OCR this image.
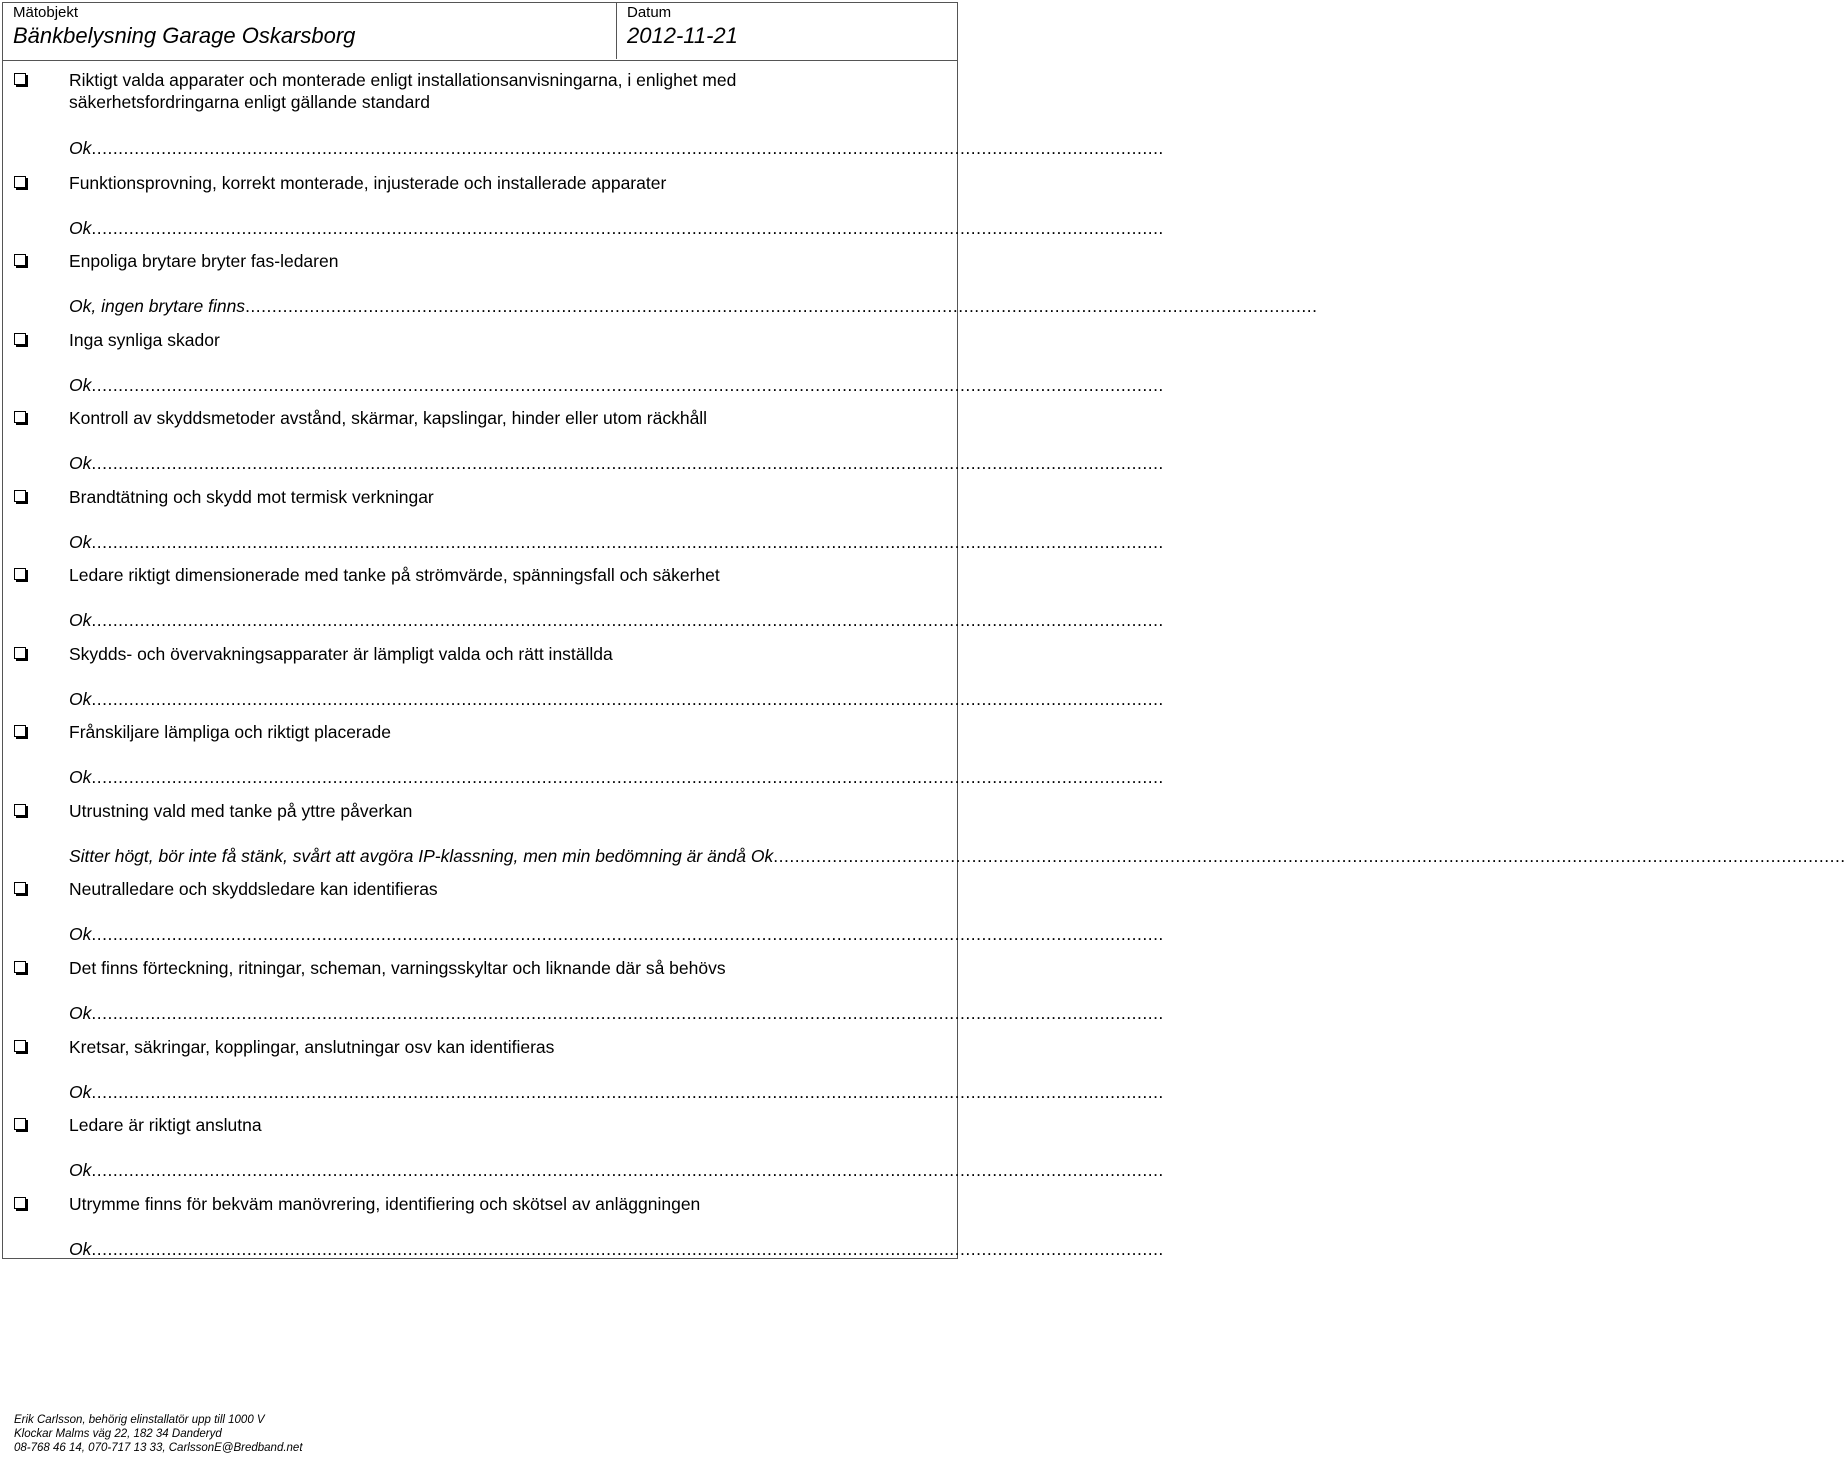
Mätobjekt
Bänkbelysning Garage Oskarsborg
Datum
2012-11-21
Riktigt valda apparater och monterade enligt installationsanvisningarna, i enlighet med säkerhetsfordringarna enligt gällande standard
Ok........................................................................................................................................................................................................
Funktionsprovning, korrekt monterade, injusterade och installerade apparater
Ok........................................................................................................................................................................................................
Enpoliga brytare bryter fas-ledaren
Ok, ingen brytare finns........................................................................................................................................................................................................
Inga synliga skador
Ok........................................................................................................................................................................................................
Kontroll av skyddsmetoder avstånd, skärmar, kapslingar, hinder eller utom räckhåll
Ok........................................................................................................................................................................................................
Brandtätning och skydd mot termisk verkningar
Ok........................................................................................................................................................................................................
Ledare riktigt dimensionerade med tanke på strömvärde, spänningsfall och säkerhet
Ok........................................................................................................................................................................................................
Skydds- och övervakningsapparater är lämpligt valda och rätt inställda
Ok........................................................................................................................................................................................................
Frånskiljare lämpliga och riktigt placerade
Ok........................................................................................................................................................................................................
Utrustning vald med tanke på yttre påverkan
Sitter högt, bör inte få stänk, svårt att avgöra IP-klassning, men min bedömning är ändå Ok........................................................................................................................................................................................................
Neutralledare och skyddsledare kan identifieras
Ok........................................................................................................................................................................................................
Det finns förteckning, ritningar, scheman, varningsskyltar och liknande där så behövs
Ok........................................................................................................................................................................................................
Kretsar, säkringar, kopplingar, anslutningar osv kan identifieras
Ok........................................................................................................................................................................................................
Ledare är riktigt anslutna
Ok........................................................................................................................................................................................................
Utrymme finns för bekväm manövrering, identifiering och skötsel av anläggningen
Ok........................................................................................................................................................................................................
Erik Carlsson, behörig elinstallatör upp till 1000 V
Klockar Malms väg 22, 182 34 Danderyd
08-768 46 14, 070-717 13 33, CarlssonE@Bredband.net
